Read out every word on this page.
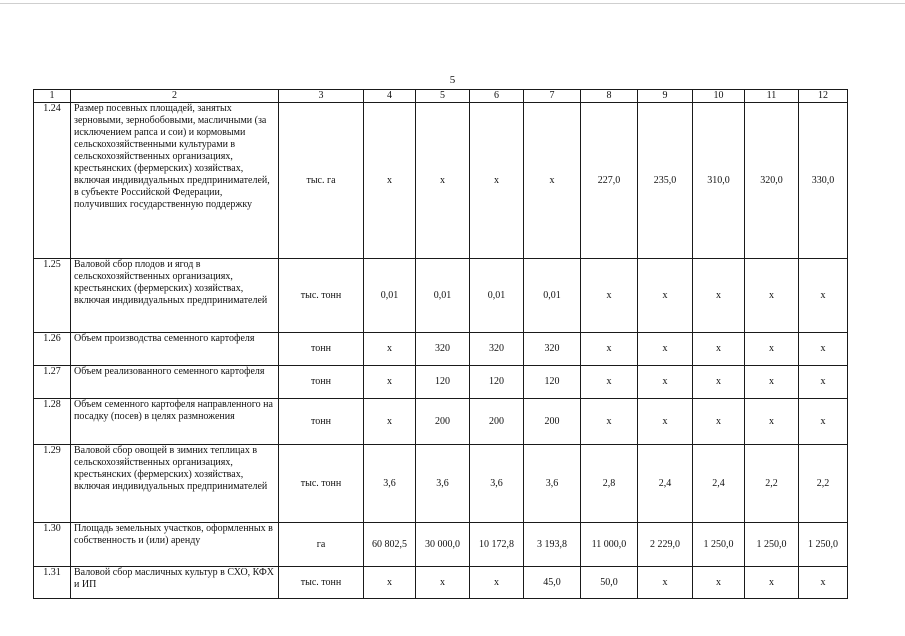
5
1	2	3	4	5	6	7	8	9	10	11	12
1.24	Размер посевных площадей, занятых зерновыми, зернобобовыми, масличными (за исключением рапса и сои) и кормовыми сельскохозяйственными культурами в сельскохозяйственных организациях, крестьянских (фермерских) хозяйствах, включая индивидуальных предпринимателей, в субъекте Российской Федерации, получивших государственную поддержку	тыс. га	х	х	х	х	227,0	235,0	310,0	320,0	330,0
1.25	Валовой сбор плодов и ягод в сельскохозяйственных организациях, крестьянских (фермерских) хозяйствах, включая индивидуальных предпринимателей	тыс. тонн	0,01	0,01	0,01	0,01	х	х	х	х	х
1.26	Объем производства семенного картофеля	тонн	х	320	320	320	х	х	х	х	х
1.27	Объем реализованного семенного картофеля	тонн	х	120	120	120	х	х	х	х	х
1.28	Объем семенного картофеля направленного на посадку (посев) в целях размножения	тонн	х	200	200	200	х	х	х	х	х
1.29	Валовой сбор овощей в зимних теплицах в сельскохозяйственных организациях, крестьянских (фермерских) хозяйствах, включая индивидуальных предпринимателей	тыс. тонн	3,6	3,6	3,6	3,6	2,8	2,4	2,4	2,2	2,2
1.30	Площадь земельных участков, оформленных в собственность и (или) аренду	га	60 802,5	30 000,0	10 172,8	3 193,8	11 000,0	2 229,0	1 250,0	1 250,0	1 250,0
1.31	Валовой сбор масличных культур в СХО, КФХ и ИП	тыс. тонн	х	х	х	45,0	50,0	х	х	х	х
